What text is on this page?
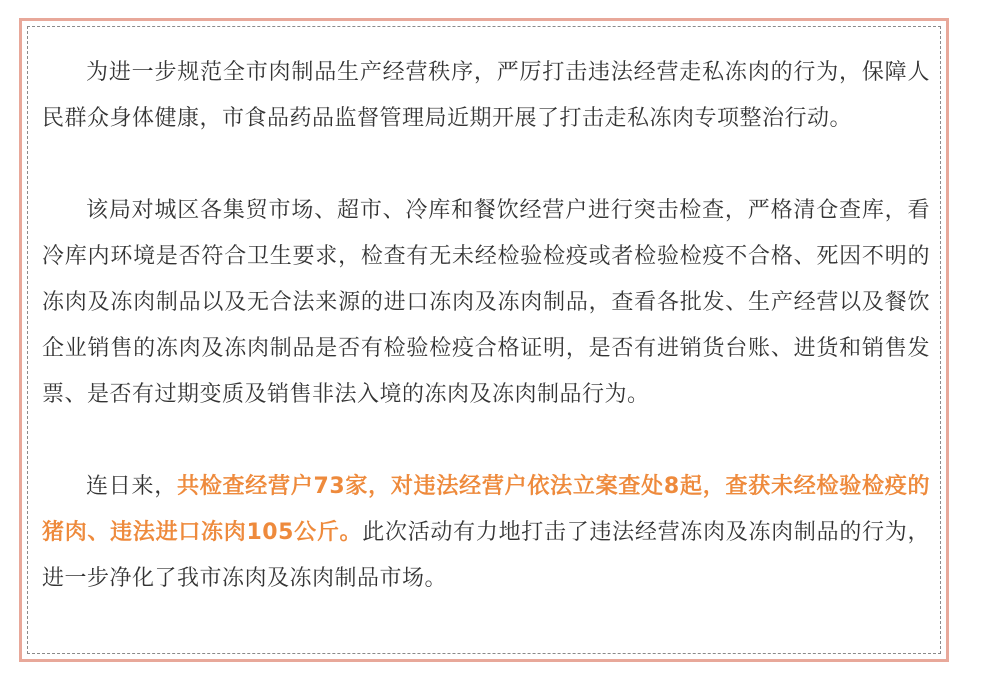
为进一步规范全市肉制品生产经营秩序，严厉打击违法经营走私冻肉的行为，保障人民群众身体健康，市食品药品监督管理局近期开展了打击走私冻肉专项整治行动。

该局对城区各集贸市场、超市、冷库和餐饮经营户进行突击检查，严格清仓查库，看冷库内环境是否符合卫生要求，检查有无未经检验检疫或者检验检疫不合格、死因不明的冻肉及冻肉制品以及无合法来源的进口冻肉及冻肉制品，查看各批发、生产经营以及餐饮企业销售的冻肉及冻肉制品是否有检验检疫合格证明，是否有进销货台账、进货和销售发票、是否有过期变质及销售非法入境的冻肉及冻肉制品行为。

连日来，共检查经营户73家，对违法经营户依法立案查处8起，查获未经检验检疫的猪肉、违法进口冻肉105公斤。此次活动有力地打击了违法经营冻肉及冻肉制品的行为，进一步净化了我市冻肉及冻肉制品市场。
